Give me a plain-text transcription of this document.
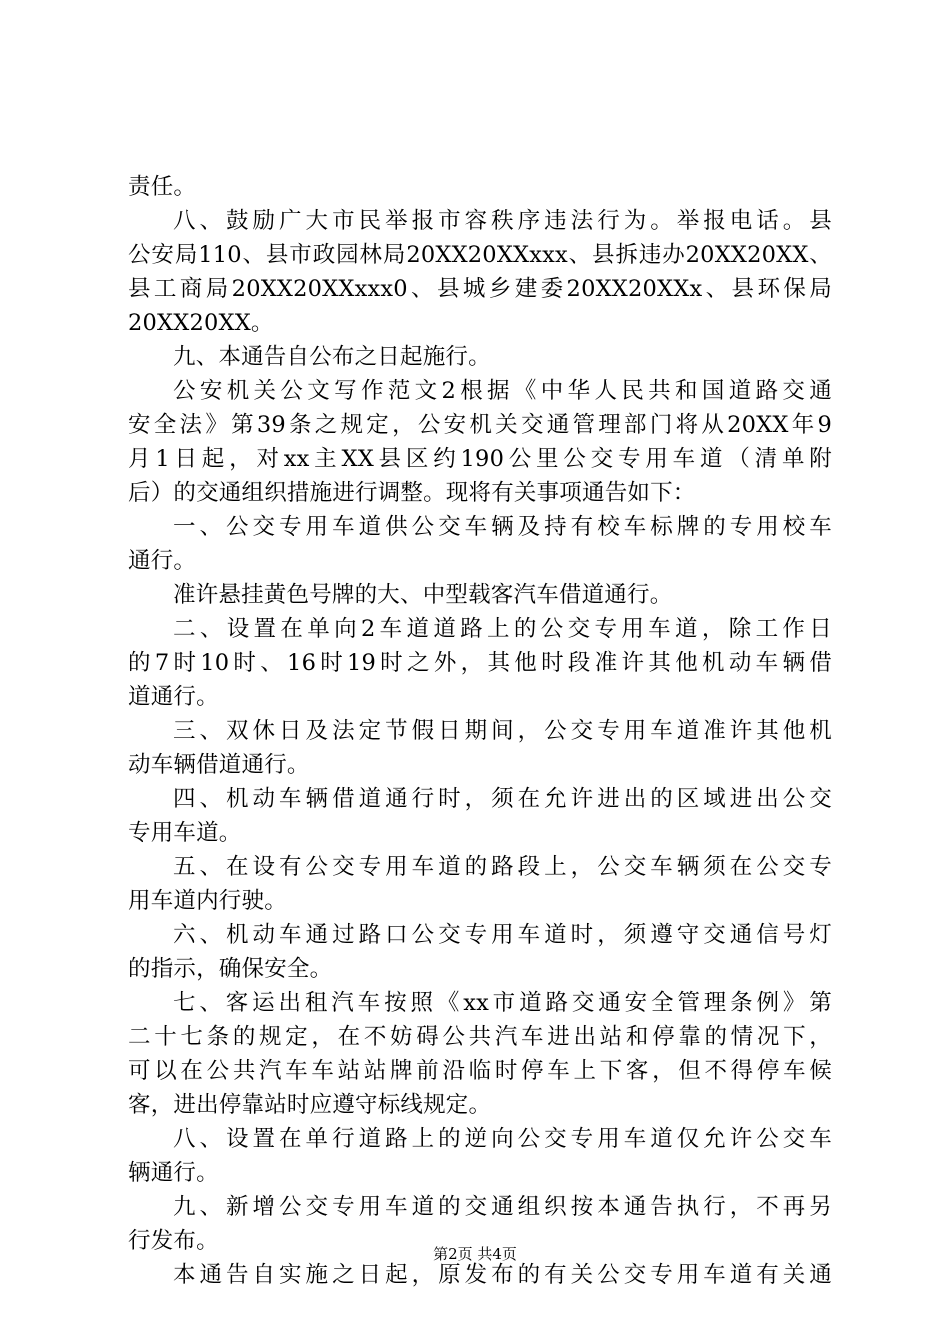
责任。
八、鼓励广大市民举报市容秩序违法行为。举报电话。县
公安局110、县市政园林局20XX20XXxxx、县拆违办20XX20XX、
县工商局20XX20XXxxx0、县城乡建委20XX20XXx、县环保局
20XX20XX。
九、本通告自公布之日起施行。
公安机关公文写作范文2根据《中华人民共和国道路交通
安全法》第39条之规定，公安机关交通管理部门将从20XX年9
月1日起，对xx主XX县区约190公里公交专用车道（清单附
后）的交通组织措施进行调整。现将有关事项通告如下：
一、公交专用车道供公交车辆及持有校车标牌的专用校车
通行。
准许悬挂黄色号牌的大、中型载客汽车借道通行。
二、设置在单向2车道道路上的公交专用车道，除工作日
的7时10时、16时19时之外，其他时段准许其他机动车辆借
道通行。
三、双休日及法定节假日期间，公交专用车道准许其他机
动车辆借道通行。
四、机动车辆借道通行时，须在允许进出的区域进出公交
专用车道。
五、在设有公交专用车道的路段上，公交车辆须在公交专
用车道内行驶。
六、机动车通过路口公交专用车道时，须遵守交通信号灯
的指示，确保安全。
七、客运出租汽车按照《xx市道路交通安全管理条例》第
二十七条的规定，在不妨碍公共汽车进出站和停靠的情况下，
可以在公共汽车车站站牌前沿临时停车上下客，但不得停车候
客，进出停靠站时应遵守标线规定。
八、设置在单行道路上的逆向公交专用车道仅允许公交车
辆通行。
九、新增公交专用车道的交通组织按本通告执行，不再另
行发布。
本通告自实施之日起，原发布的有关公交专用车道有关通
第2页 共4页
